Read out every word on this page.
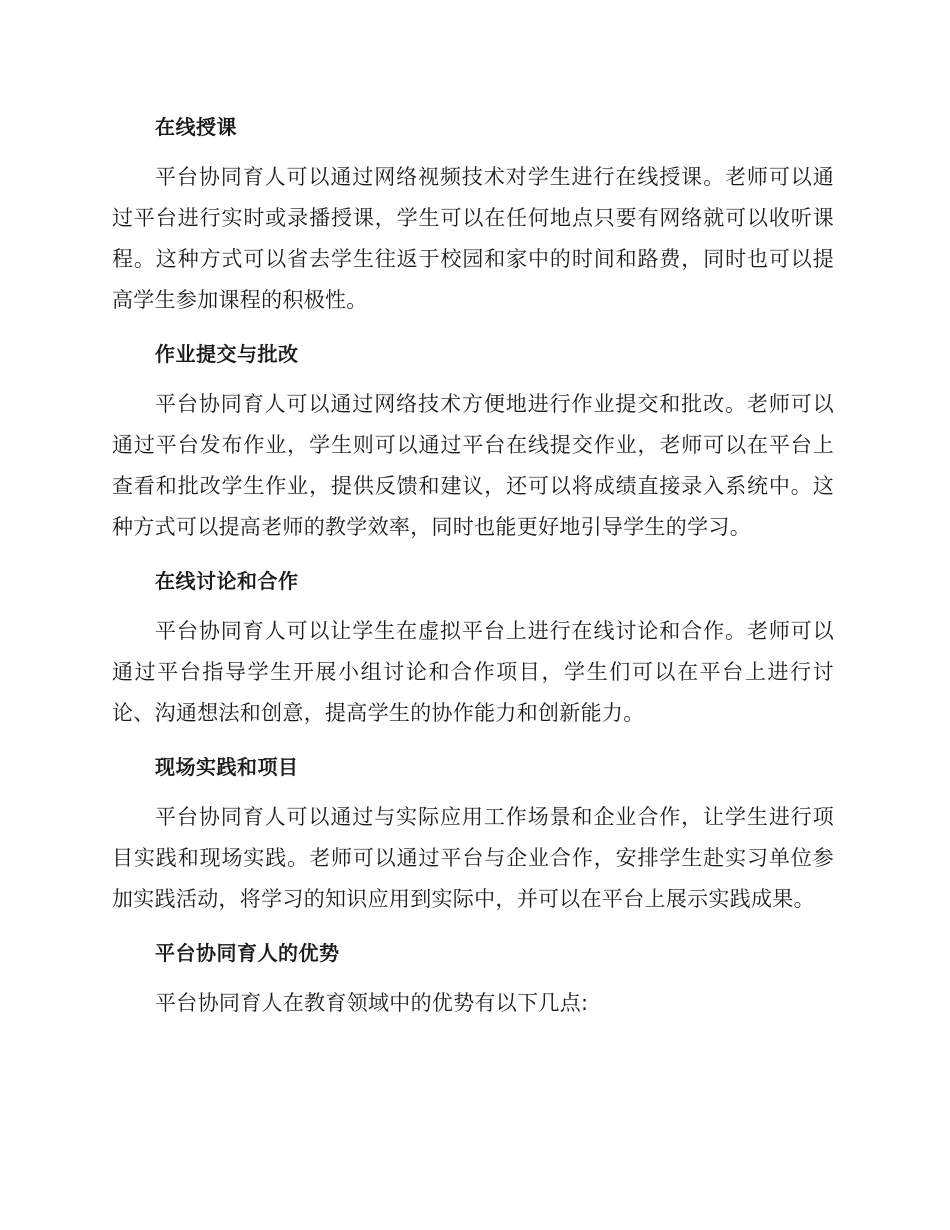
在线授课

平台协同育人可以通过网络视频技术对学生进行在线授课。老师可以通过平台进行实时或录播授课，学生可以在任何地点只要有网络就可以收听课程。这种方式可以省去学生往返于校园和家中的时间和路费，同时也可以提高学生参加课程的积极性。

作业提交与批改

平台协同育人可以通过网络技术方便地进行作业提交和批改。老师可以通过平台发布作业，学生则可以通过平台在线提交作业，老师可以在平台上查看和批改学生作业，提供反馈和建议，还可以将成绩直接录入系统中。这种方式可以提高老师的教学效率，同时也能更好地引导学生的学习。

在线讨论和合作

平台协同育人可以让学生在虚拟平台上进行在线讨论和合作。老师可以通过平台指导学生开展小组讨论和合作项目，学生们可以在平台上进行讨论、沟通想法和创意，提高学生的协作能力和创新能力。

现场实践和项目

平台协同育人可以通过与实际应用工作场景和企业合作，让学生进行项目实践和现场实践。老师可以通过平台与企业合作，安排学生赴实习单位参加实践活动，将学习的知识应用到实际中，并可以在平台上展示实践成果。

平台协同育人的优势

平台协同育人在教育领域中的优势有以下几点:
